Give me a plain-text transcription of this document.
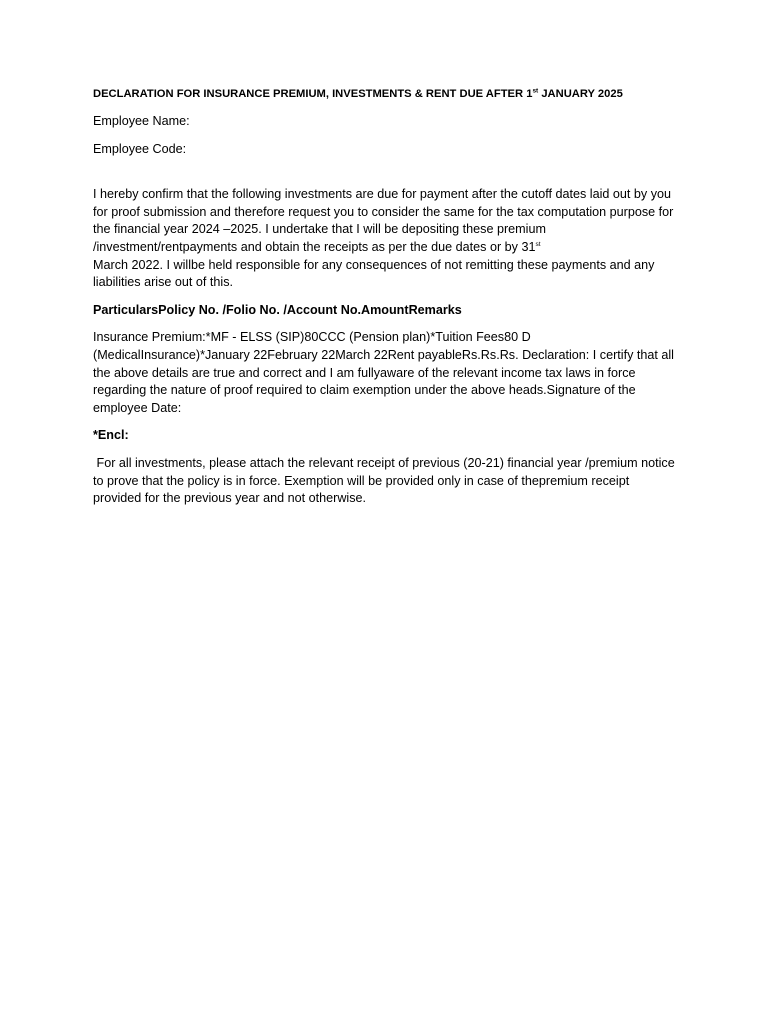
DECLARATION FOR INSURANCE PREMIUM, INVESTMENTS & RENT DUE AFTER 1st JANUARY 2025
Employee Name:
Employee Code:
I hereby confirm that the following investments are due for payment after the cutoff dates laid out by you for proof submission and therefore request you to consider the same for the tax computation purpose for the financial year 2024 –2025. I undertake that I will be depositing these premium /investment/rentpayments and obtain the receipts as per the due dates or by 31st
March 2022. I willbe held responsible for any consequences of not remitting these payments and any liabilities arise out of this.
ParticularsPolicy No. /Folio No. /Account No.AmountRemarks
Insurance Premium:*MF - ELSS (SIP)80CCC (Pension plan)*Tuition Fees80 D (MedicalInsurance)*January 22February 22March 22Rent payableRs.Rs.Rs. Declaration: I certify that all the above details are true and correct and I am fullyaware of the relevant income tax laws in force regarding the nature of proof required to claim exemption under the above heads.Signature of the employee Date:
*Encl:
For all investments, please attach the relevant receipt of previous (20-21) financial year /premium notice to prove that the policy is in force. Exemption will be provided only in case of thepremium receipt provided for the previous year and not otherwise.
